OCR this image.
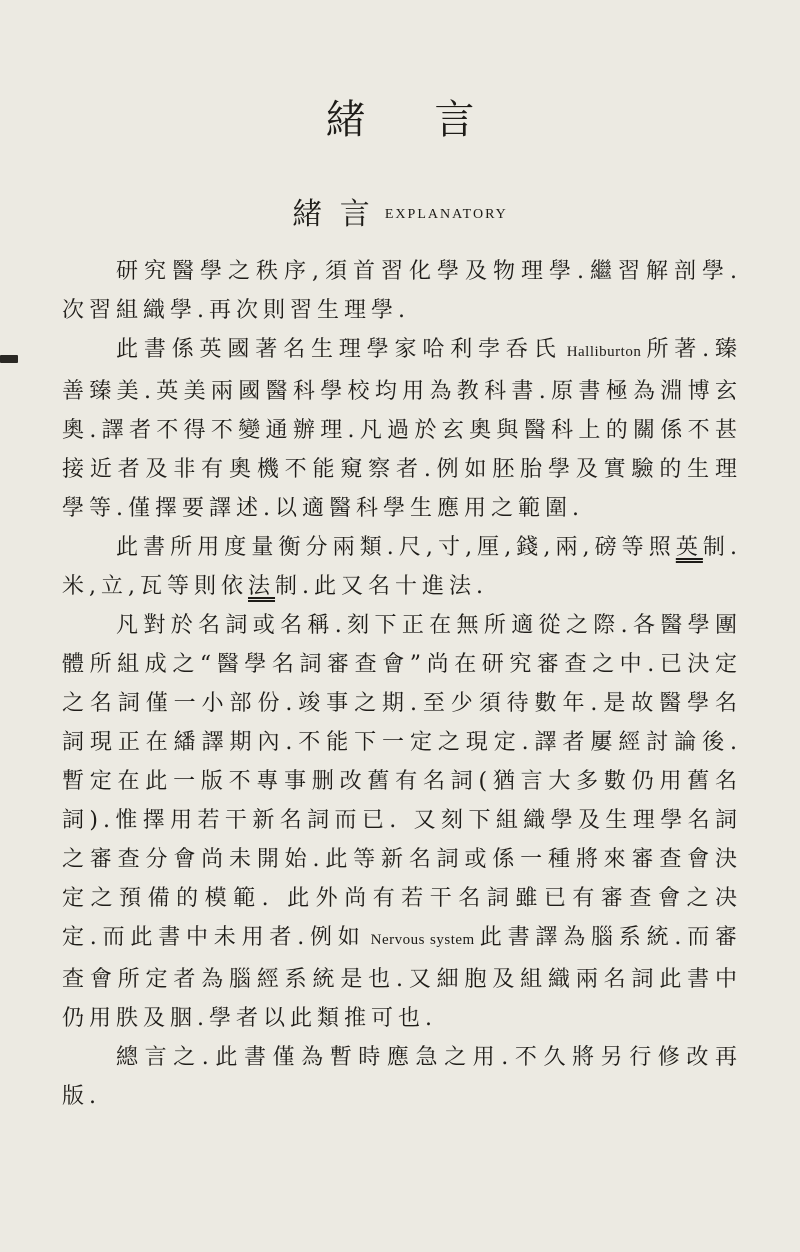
緒 言
緒 言 EXPLANATORY

研究醫學之秩序,須首習化學及物理學.繼習解剖學.次習組織學.再次則習生理學.

此書係英國著名生理學家哈利孛呑氏 Halliburton 所著.臻善臻美.英美兩國醫科學校均用為教科書.原書極為淵博玄奧.譯者不得不變通辦理.凡過於玄奧與醫科上的關係不甚接近者及非有奧機不能窺察者.例如胚胎學及實驗的生理學等.僅擇要譯述.以適醫科學生應用之範圍.

此書所用度量衡分兩類.尺,寸,厘,錢,兩,磅等照英制.米,立,瓦等則依法制.此又名十進法.

凡對於名詞或名稱.刻下正在無所適從之際.各醫學團體所組成之“醫學名詞審查會”尚在研究審查之中.已決定之名詞僅一小部份.竣事之期.至少須待數年.是故醫學名詞現正在繙譯期內.不能下一定之現定.譯者屢經討論後.暫定在此一版不專事删改舊有名詞(猶言大多數仍用舊名詞).惟擇用若干新名詞而已. 又刻下組織學及生理學名詞之審查分會尚未開始.此等新名詞或係一種將來審查會決定之預備的模範. 此外尚有若干名詞雖已有審查會之决定.而此書中未用者.例如 Nervous system 此書譯為腦系統.而審查會所定者為腦經系統是也.又細胞及組織兩名詞此書中仍用胅及胭.學者以此類推可也.

總言之.此書僅為暫時應急之用.不久將另行修改再版.
